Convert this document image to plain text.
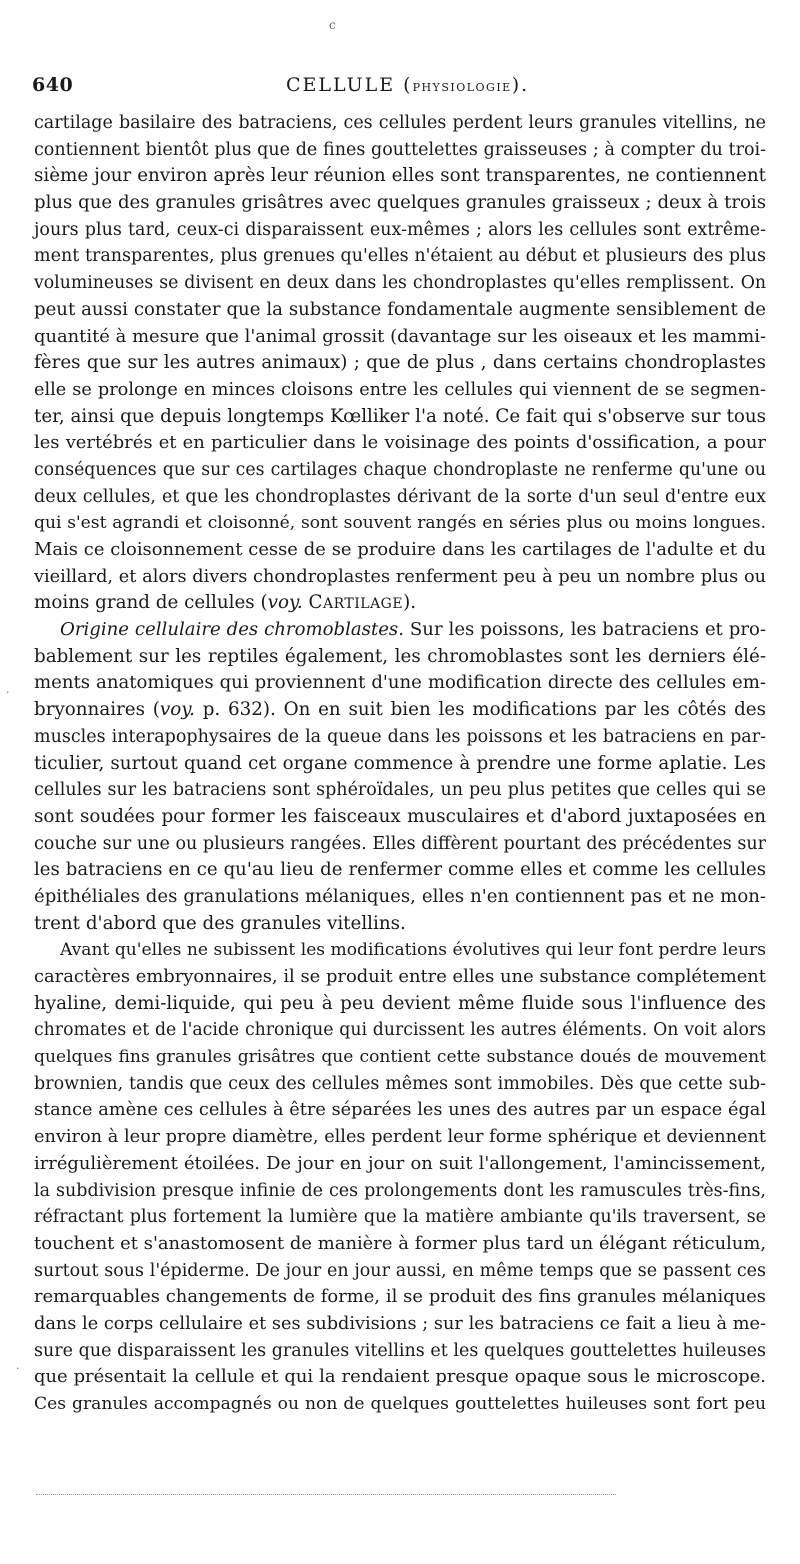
c
640	CELLULE (PHYSIOLOGIE).
cartilage basilaire des batraciens, ces cellules perdent leurs granules vitellins, ne
contiennent bientôt plus que de fines gouttelettes graisseuses ; à compter du troi-
sième jour environ après leur réunion elles sont transparentes, ne contiennent
plus que des granules grisâtres avec quelques granules graisseux ; deux à trois
jours plus tard, ceux-ci disparaissent eux-mêmes ; alors les cellules sont extrême-
ment transparentes, plus grenues qu'elles n'étaient au début et plusieurs des plus
volumineuses se divisent en deux dans les chondroplastes qu'elles remplissent. On
peut aussi constater que la substance fondamentale augmente sensiblement de
quantité à mesure que l'animal grossit (davantage sur les oiseaux et les mammi-
fères que sur les autres animaux) ; que de plus , dans certains chondroplastes
elle se prolonge en minces cloisons entre les cellules qui viennent de se segmen-
ter, ainsi que depuis longtemps Kœlliker l'a noté. Ce fait qui s'observe sur tous
les vertébrés et en particulier dans le voisinage des points d'ossification, a pour
conséquences que sur ces cartilages chaque chondroplaste ne renferme qu'une ou
deux cellules, et que les chondroplastes dérivant de la sorte d'un seul d'entre eux
qui s'est agrandi et cloisonné, sont souvent rangés en séries plus ou moins longues.
Mais ce cloisonnement cesse de se produire dans les cartilages de l'adulte et du
vieillard, et alors divers chondroplastes renferment peu à peu un nombre plus ou
moins grand de cellules (voy. CARTILAGE).
Origine cellulaire des chromoblastes. Sur les poissons, les batraciens et pro-
bablement sur les reptiles également, les chromoblastes sont les derniers élé-
ments anatomiques qui proviennent d'une modification directe des cellules em-
bryonnaires (voy. p. 632). On en suit bien les modifications par les côtés des
muscles interapophysaires de la queue dans les poissons et les batraciens en par-
ticulier, surtout quand cet organe commence à prendre une forme aplatie. Les
cellules sur les batraciens sont sphéroïdales, un peu plus petites que celles qui se
sont soudées pour former les faisceaux musculaires et d'abord juxtaposées en
couche sur une ou plusieurs rangées. Elles diffèrent pourtant des précédentes sur
les batraciens en ce qu'au lieu de renfermer comme elles et comme les cellules
épithéliales des granulations mélaniques, elles n'en contiennent pas et ne mon-
trent d'abord que des granules vitellins.
Avant qu'elles ne subissent les modifications évolutives qui leur font perdre leurs
caractères embryonnaires, il se produit entre elles une substance complétement
hyaline, demi-liquide, qui peu à peu devient même fluide sous l'influence des
chromates et de l'acide chronique qui durcissent les autres éléments. On voit alors
quelques fins granules grisâtres que contient cette substance doués de mouvement
brownien, tandis que ceux des cellules mêmes sont immobiles. Dès que cette sub-
stance amène ces cellules à être séparées les unes des autres par un espace égal
environ à leur propre diamètre, elles perdent leur forme sphérique et deviennent
irrégulièrement étoilées. De jour en jour on suit l'allongement, l'amincissement,
la subdivision presque infinie de ces prolongements dont les ramuscules très-fins,
réfractant plus fortement la lumière que la matière ambiante qu'ils traversent, se
touchent et s'anastomosent de manière à former plus tard un élégant réticulum,
surtout sous l'épiderme. De jour en jour aussi, en même temps que se passent ces
remarquables changements de forme, il se produit des fins granules mélaniques
dans le corps cellulaire et ses subdivisions ; sur les batraciens ce fait a lieu à me-
sure que disparaissent les granules vitellins et les quelques gouttelettes huileuses
que présentait la cellule et qui la rendaient presque opaque sous le microscope.
Ces granules accompagnés ou non de quelques gouttelettes huileuses sont fort peu
·
·
